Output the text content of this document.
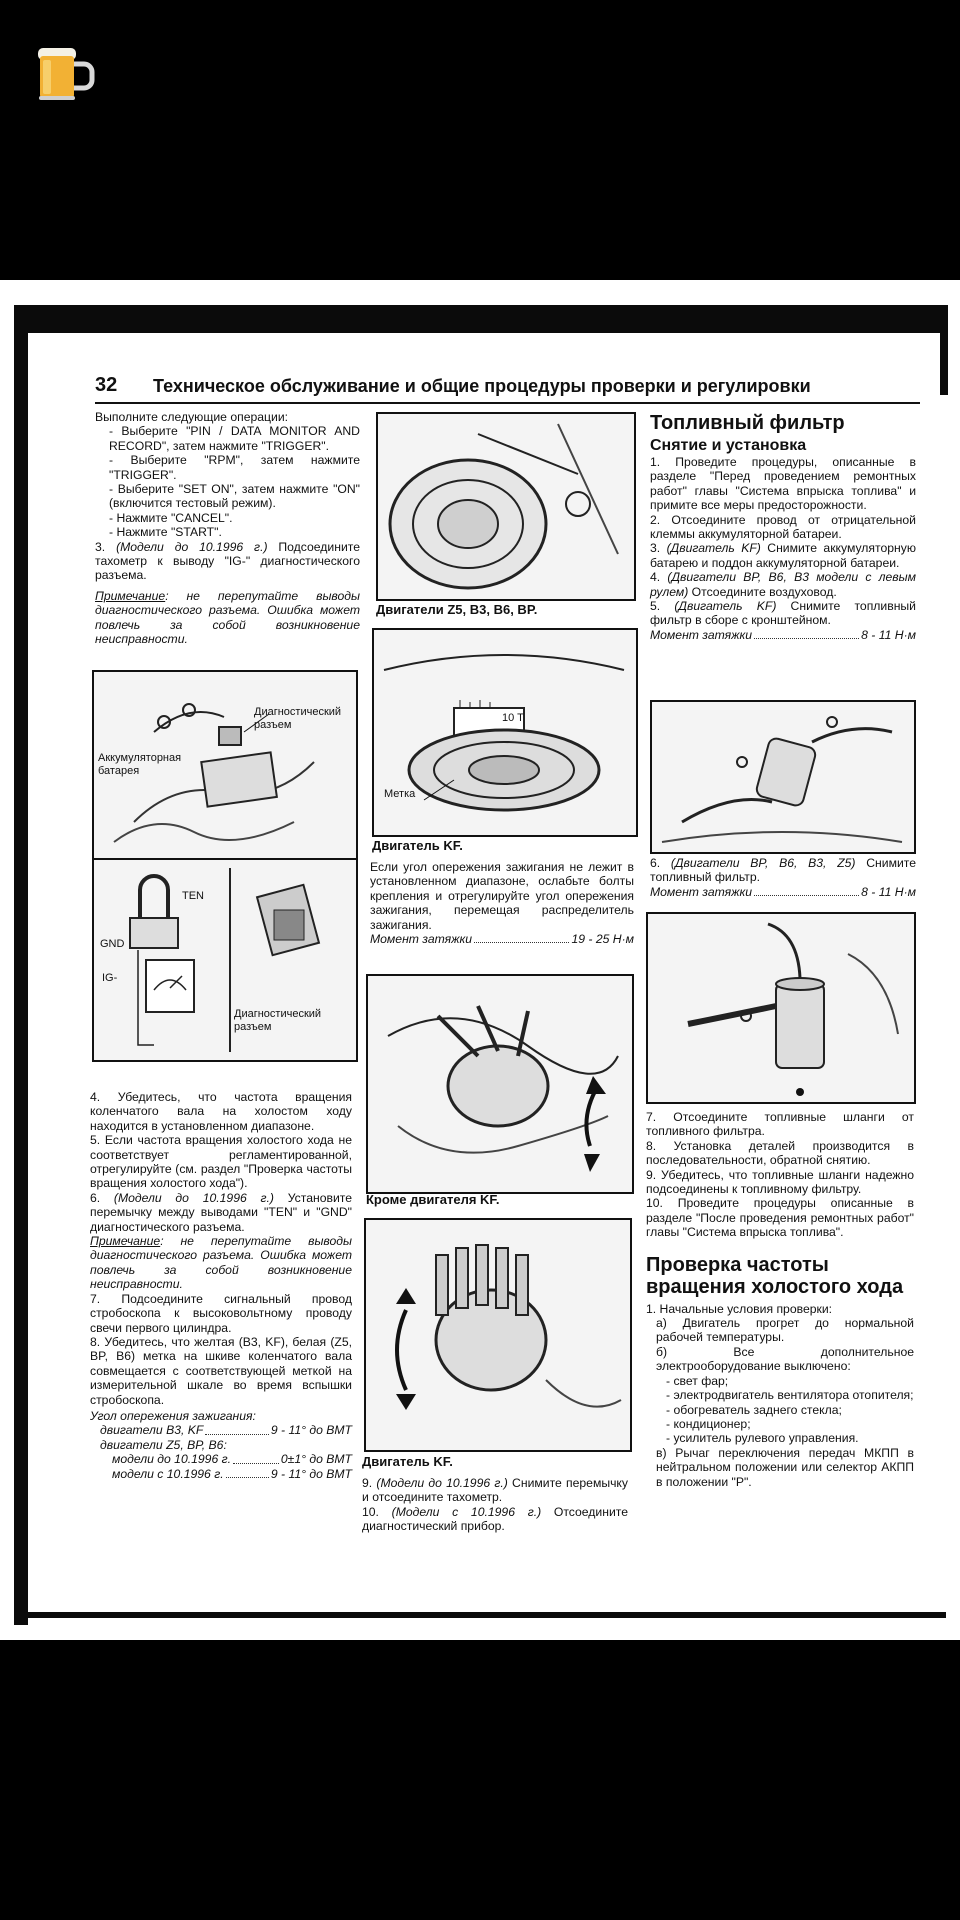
32 Техническое обслуживание и общие процедуры проверки и регулировки

Выполните следующие операции:

- Выберите "PIN / DATA MONITOR AND RECORD", затем нажмите "TRIGGER".

- Выберите "RPM", затем нажмите "TRIGGER".

- Выберите "SET ON", затем нажмите "ON" (включится тестовый режим).

- Нажмите "CANCEL".

- Нажмите "START".

3. (Модели до 10.1996 г.) Подсоедините тахометр к выводу "IG-" диагностического разъема.

Примечание: не перепутайте выводы диагностического разъема. Ошибка может повлечь за собой возникновение неисправности.

Диагностический разъем
Аккумуляторная батарея
TEN
GND
IG-
Диагностический разъем

4. Убедитесь, что частота вращения коленчатого вала на холостом ходу находится в установленном диапазоне.

5. Если частота вращения холостого хода не соответствует регламентированной, отрегулируйте (см. раздел "Проверка частоты вращения холостого хода").

6. (Модели до 10.1996 г.) Установите перемычку между выводами "TEN" и "GND" диагностического разъема.

Примечание: не перепутайте выводы диагностического разъема. Ошибка может повлечь за собой возникновение неисправности.

7. Подсоедините сигнальный провод стробоскопа к высоковольтному проводу свечи первого цилиндра.

8. Убедитесь, что желтая (B3, KF), белая (Z5, BP, B6) метка на шкиве коленчатого вала совмещается с соответствующей меткой на измерительной шкале во время вспышки стробоскопа.

Угол опережения зажигания:

двигатели B3, KF	9 - 11° до ВМТ
двигатели Z5, BP, B6:
модели до 10.1996 г.	0±1° до ВМТ
модели с 10.1996 г.	9 - 11° до ВМТ
Двигатели Z5, B3, B6, BP.
10 T
Метка
Двигатель KF.

Если угол опережения зажигания не лежит в установленном диапазоне, ослабьте болты крепления и отрегулируйте угол опережения зажигания, перемещая распределитель зажигания.

Момент затяжки	19 - 25 Н·м
Кроме двигателя KF.
Двигатель KF.

9. (Модели до 10.1996 г.) Снимите перемычку и отсоедините тахометр.

10. (Модели с 10.1996 г.) Отсоедините диагностический прибор.

Топливный фильтр
Снятие и установка

1. Проведите процедуры, описанные в разделе "Перед проведением ремонтных работ" главы "Система впрыска топлива" и примите все меры предосторожности.

2. Отсоедините провод от отрицательной клеммы аккумуляторной батареи.

3. (Двигатель KF) Снимите аккумуляторную батарею и поддон аккумуляторной батареи.

4. (Двигатели BP, B6, B3 модели с левым рулем) Отсоедините воздуховод.

5. (Двигатель KF) Снимите топливный фильтр в сборе с кронштейном.

Момент затяжки	8 - 11 Н·м

6. (Двигатели BP, B6, B3, Z5) Снимите топливный фильтр.

Момент затяжки	8 - 11 Н·м

7. Отсоедините топливные шланги от топливного фильтра.

8. Установка деталей производится в последовательности, обратной снятию.

9. Убедитесь, что топливные шланги надежно подсоединены к топливному фильтру.

10. Проведите процедуры описанные в разделе "После проведения ремонтных работ" главы "Система впрыска топлива".

Проверка частоты вращения холостого хода

1. Начальные условия проверки:

а) Двигатель прогрет до нормальной рабочей температуры.

б) Все дополнительное электрооборудование выключено:

- свет фар;

- электродвигатель вентилятора отопителя;

- обогреватель заднего стекла;

- кондиционер;

- усилитель рулевого управления.

в) Рычаг переключения передач МКПП в нейтральном положении или селектор АКПП в положении "P".
